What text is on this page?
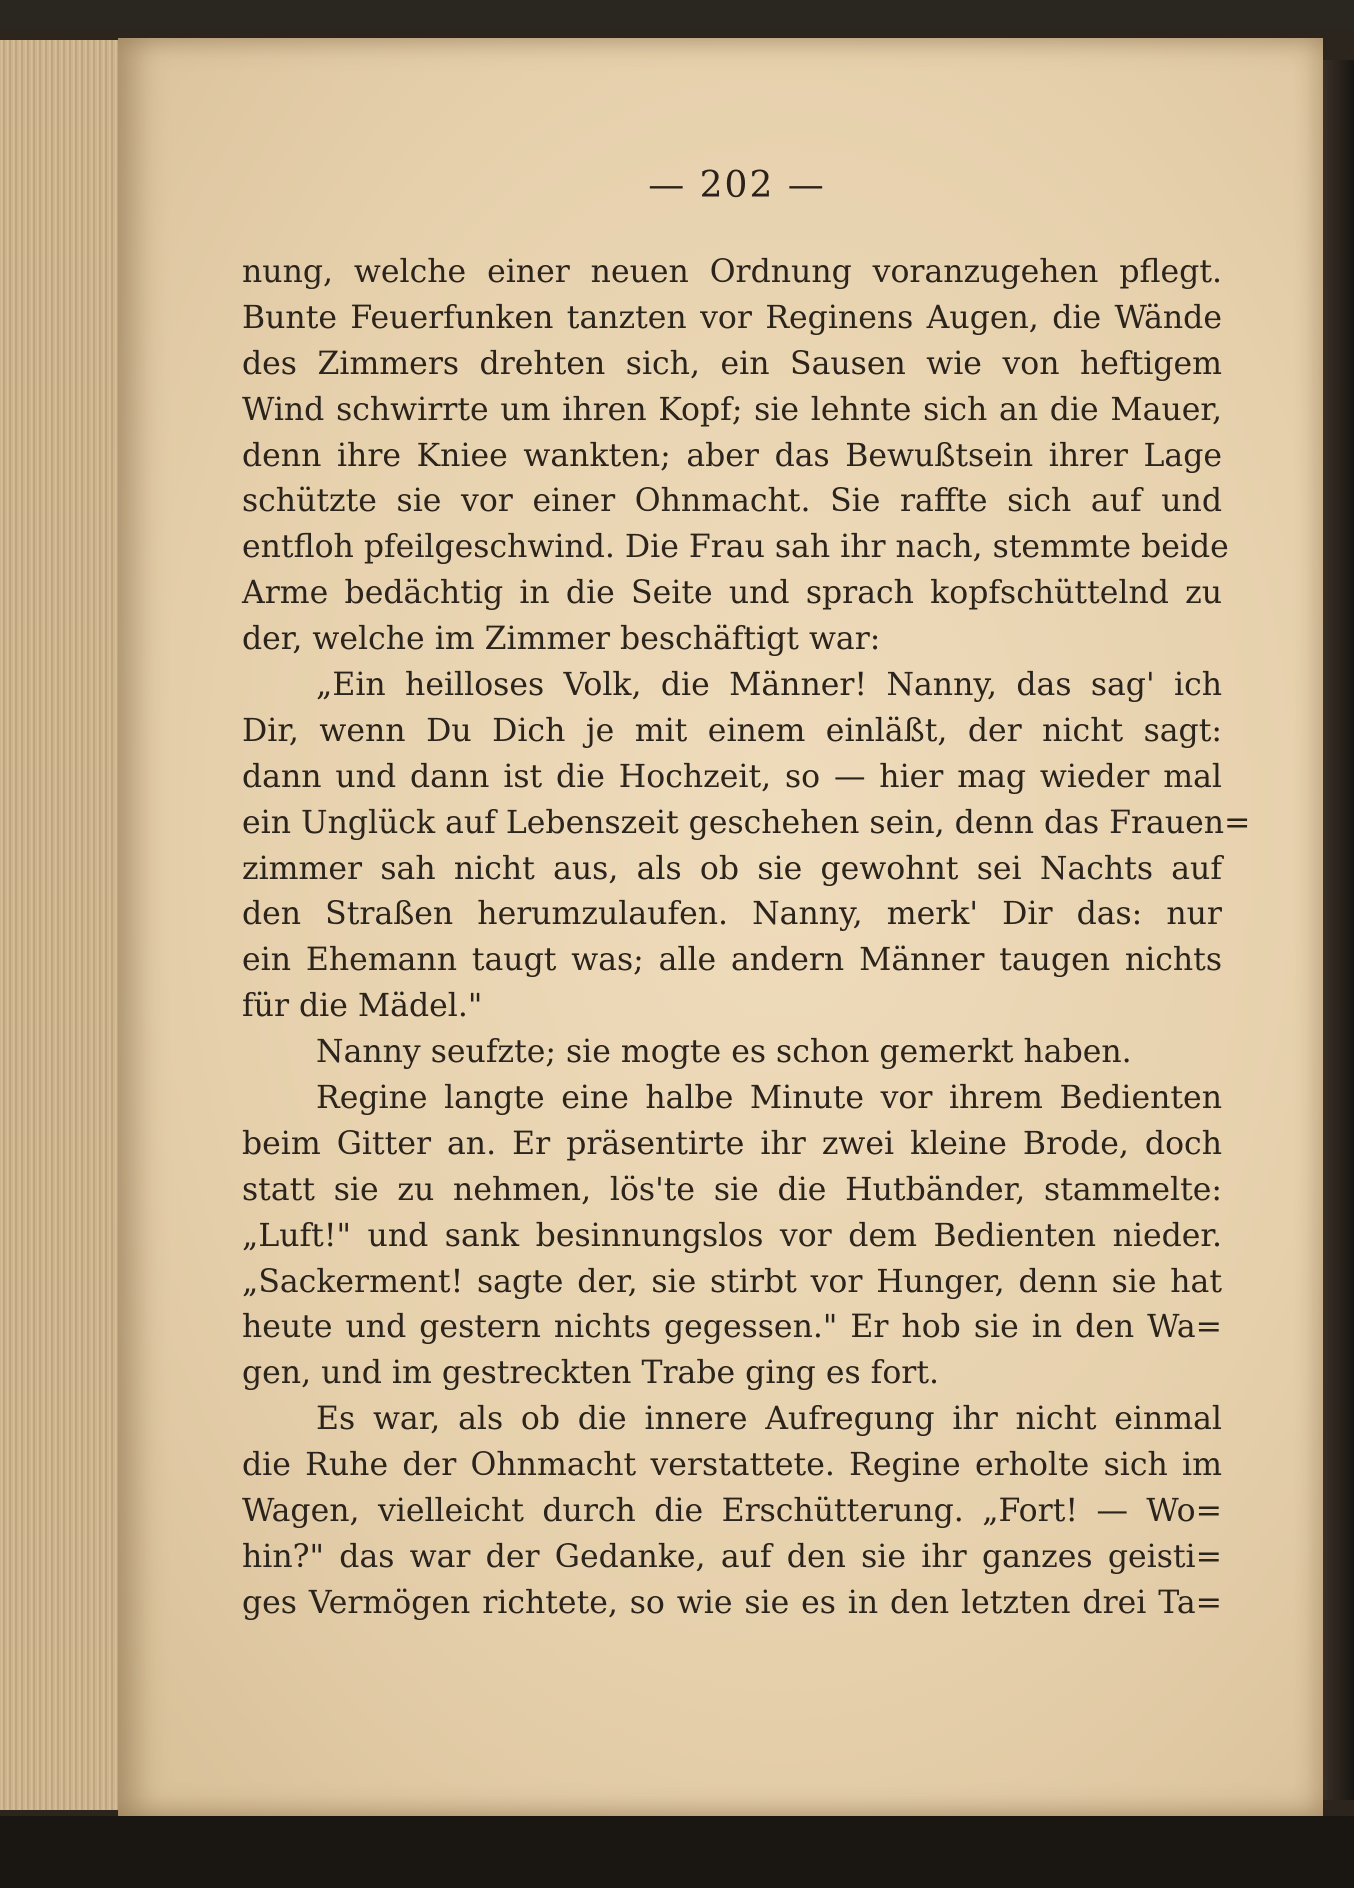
— 202 —
nung, welche einer neuen Ordnung voranzugehen pflegt.
Bunte Feuerfunken tanzten vor Reginens Augen, die Wände
des Zimmers drehten sich, ein Sausen wie von heftigem
Wind schwirrte um ihren Kopf; sie lehnte sich an die Mauer,
denn ihre Kniee wankten; aber das Bewußtsein ihrer Lage
schützte sie vor einer Ohnmacht. Sie raffte sich auf und
entfloh pfeilgeschwind. Die Frau sah ihr nach, stemmte beide
Arme bedächtig in die Seite und sprach kopfschüttelnd zu
der, welche im Zimmer beschäftigt war:
„Ein heilloses Volk, die Männer! Nanny, das sag' ich
Dir, wenn Du Dich je mit einem einläßt, der nicht sagt:
dann und dann ist die Hochzeit, so — hier mag wieder mal
ein Unglück auf Lebenszeit geschehen sein, denn das Frauen=
zimmer sah nicht aus, als ob sie gewohnt sei Nachts auf
den Straßen herumzulaufen. Nanny, merk' Dir das: nur
ein Ehemann taugt was; alle andern Männer taugen nichts
für die Mädel."
Nanny seufzte; sie mogte es schon gemerkt haben.
Regine langte eine halbe Minute vor ihrem Bedienten
beim Gitter an. Er präsentirte ihr zwei kleine Brode, doch
statt sie zu nehmen, lös'te sie die Hutbänder, stammelte:
„Luft!" und sank besinnungslos vor dem Bedienten nieder.
„Sackerment! sagte der, sie stirbt vor Hunger, denn sie hat
heute und gestern nichts gegessen." Er hob sie in den Wa=
gen, und im gestreckten Trabe ging es fort.
Es war, als ob die innere Aufregung ihr nicht einmal
die Ruhe der Ohnmacht verstattete. Regine erholte sich im
Wagen, vielleicht durch die Erschütterung. „Fort! — Wo=
hin?" das war der Gedanke, auf den sie ihr ganzes geisti=
ges Vermögen richtete, so wie sie es in den letzten drei Ta=
